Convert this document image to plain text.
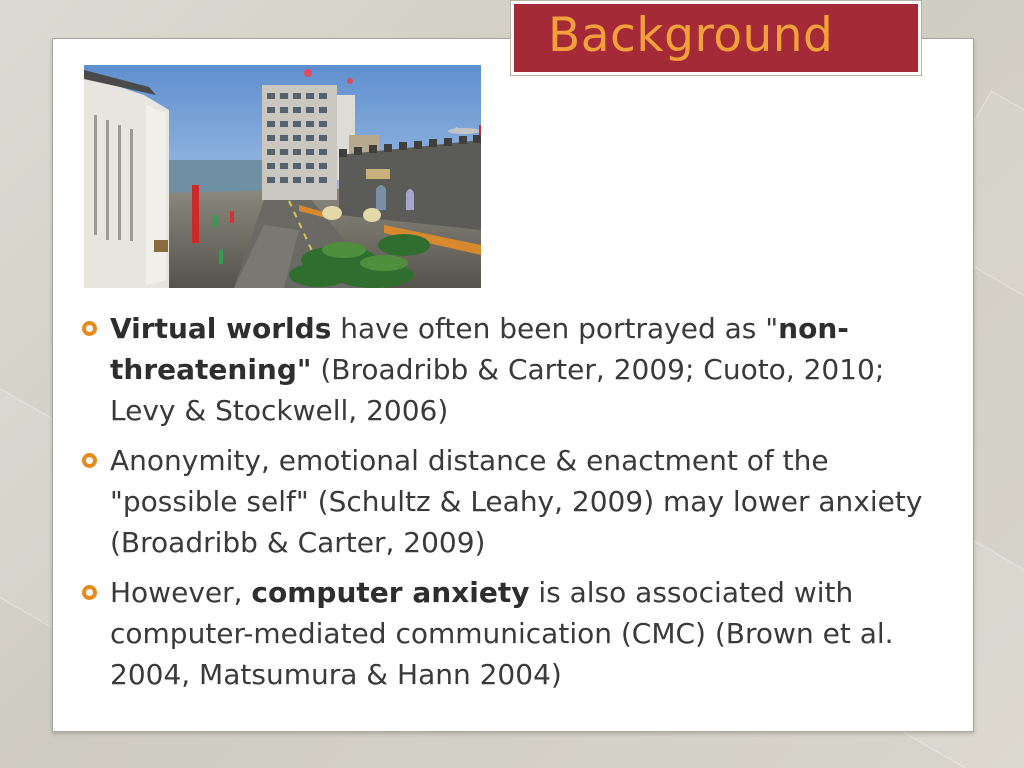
Background
Virtual worlds have often been portrayed as "non-threatening" (Broadribb & Carter, 2009; Cuoto, 2010; Levy & Stockwell, 2006)
Anonymity, emotional distance & enactment of the "possible self" (Schultz & Leahy, 2009) may lower anxiety (Broadribb & Carter, 2009)
However, computer anxiety is also associated with computer-mediated communication (CMC) (Brown et al. 2004, Matsumura & Hann 2004)
